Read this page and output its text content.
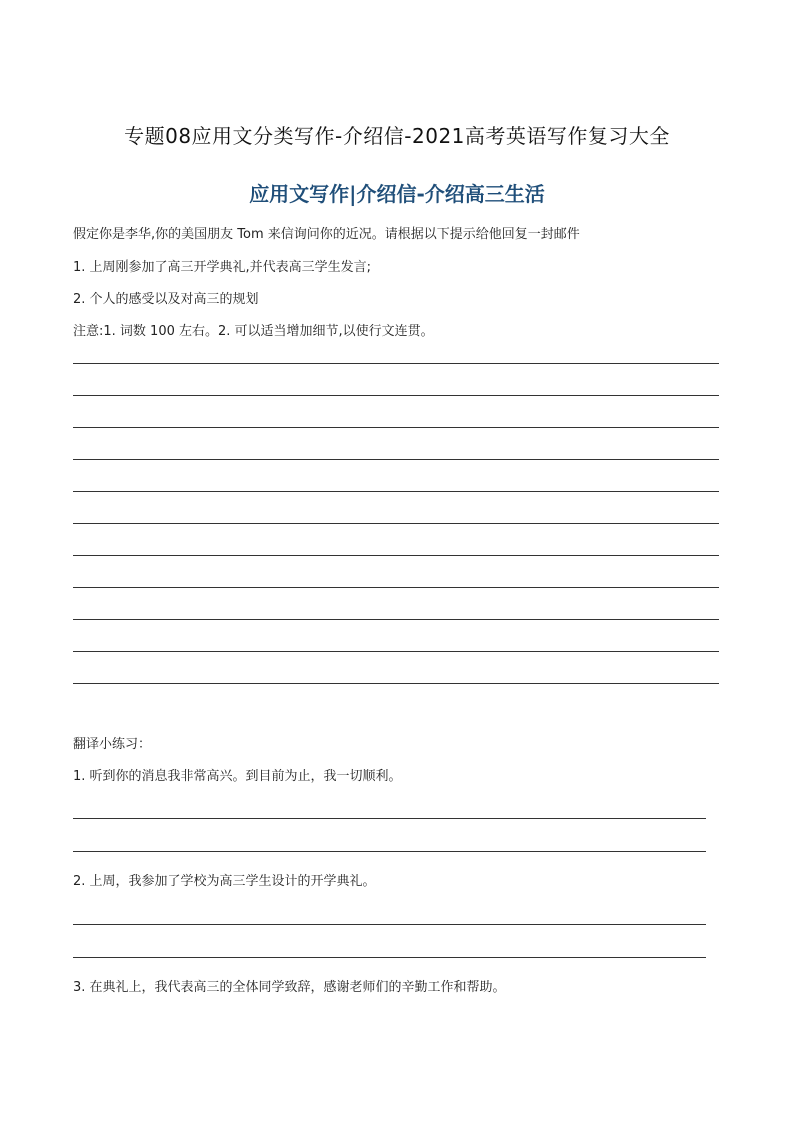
专题08应用文分类写作-介绍信-2021高考英语写作复习大全
应用文写作|介绍信-介绍高三生活
假定你是李华,你的美国朋友 Tom 来信询问你的近况。请根据以下提示给他回复一封邮件
1. 上周刚参加了高三开学典礼,并代表高三学生发言;
2. 个人的感受以及对高三的规划
注意:1. 词数 100 左右。2. 可以适当增加细节,以使行文连贯。
翻译小练习：
1. 听到你的消息我非常高兴。到目前为止，我一切顺利。
2. 上周，我参加了学校为高三学生设计的开学典礼。
3. 在典礼上，我代表高三的全体同学致辞，感谢老师们的辛勤工作和帮助。
